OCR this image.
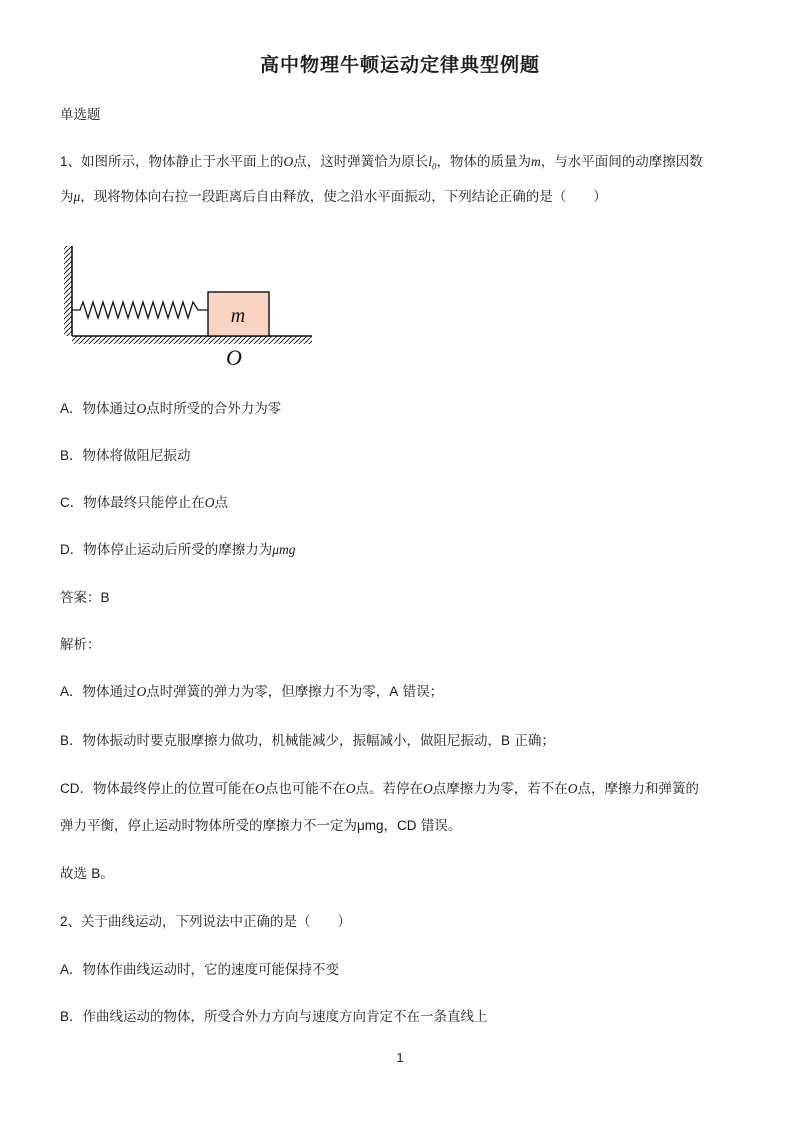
高中物理牛顿运动定律典型例题
单选题
1、如图所示，物体静止于水平面上的O点，这时弹簧恰为原长$l_0$，物体的质量为m，与水平面间的动摩擦因数
为μ，现将物体向右拉一段距离后自由释放，使之沿水平面振动，下列结论正确的是（　　）
m
O
A．物体通过O点时所受的合外力为零
B．物体将做阻尼振动
C．物体最终只能停止在O点
D．物体停止运动后所受的摩擦力为μmg
答案：B
解析：
A．物体通过O点时弹簧的弹力为零，但摩擦力不为零，A 错误；
B．物体振动时要克服摩擦力做功，机械能减少，振幅减小，做阻尼振动，B 正确；
CD．物体最终停止的位置可能在O点也可能不在O点。若停在O点摩擦力为零，若不在O点，摩擦力和弹簧的
弹力平衡，停止运动时物体所受的摩擦力不一定为μmg，CD 错误。
故选 B。
2、关于曲线运动，下列说法中正确的是（　　）
A．物体作曲线运动时，它的速度可能保持不变
B．作曲线运动的物体，所受合外力方向与速度方向肯定不在一条直线上
1
